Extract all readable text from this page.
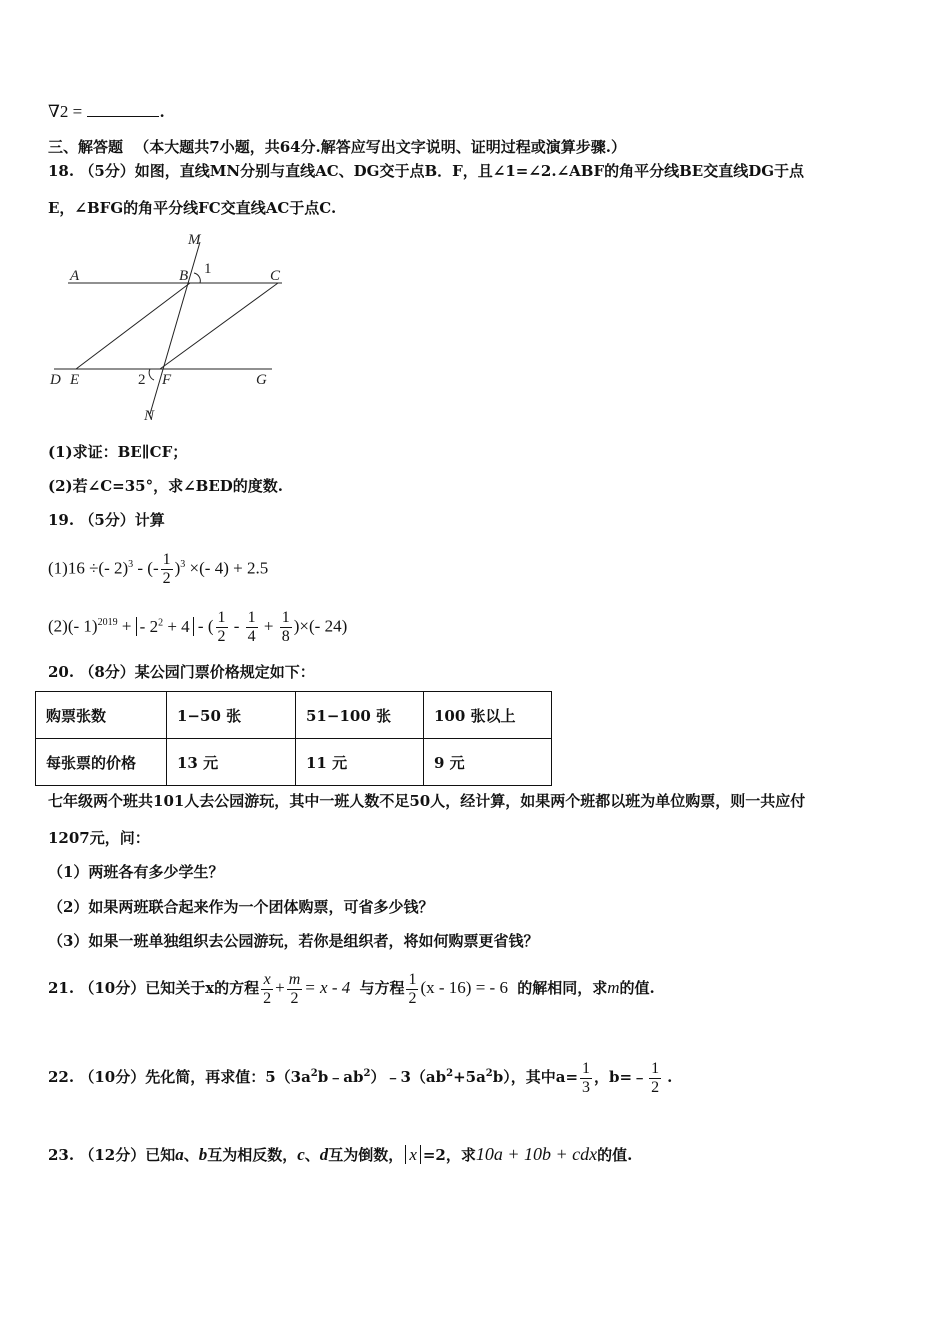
∇2 =	.
三、解答题 （本大题共7小题，共64分.解答应写出文字说明、证明过程或演算步骤.）
18. （5分）如图，直线MN分别与直线AC、DG交于点B．F，且∠1=∠2.∠ABF的角平分线BE交直线DG于点
E，∠BFG的角平分线FC交直线AC于点C.
M
A	B 1	C
D E	2 F	G
N
(1)求证：BE∥CF；
(2)若∠C=35°，求∠BED的度数.
19. （5分）计算
(1)16 ÷(- 2)$^3$ - (- $\frac{1}{2} )^3$ ×(- 4) + 2.5
(2)(- 1)$^{2019}$ + - $2^2 + 4$ - ( $\frac{1}{2} - \frac{1}{4} + \frac{1}{8}$ )×(- 24)
20. （8分）某公园门票价格规定如下：
购票张数	1−50 张	51−100 张	100 张以上
每张票的价格	13 元	11 元	9 元
七年级两个班共101人去公园游玩，其中一班人数不足50人，经计算，如果两个班都以班为单位购票，则一共应付
1207元，问：
（1）两班各有多少学生？
（2）如果两班联合起来作为一个团体购票，可省多少钱？
（3）如果一班单独组织去公园游玩，若你是组织者，将如何购票更省钱？
21. （10分）已知关于x的方程 $\frac{x}{2} + \frac{m}{2} = x - 4$ 与方程 $\frac{1}{2} (x - 16)$ = - 6 的解相同，求m的值.
22. （10分）先化简，再求值：$5(3a^2b﹣ab^2)﹣3(ab^2+5a^2b)$，其中$a= \frac{1}{3}$ ，b=﹣ $\frac{1}{2}$ .
23. （12分）已知a、b互为相反数，c、d互为倒数， x =2，求10a + 10b + cdx的值.
